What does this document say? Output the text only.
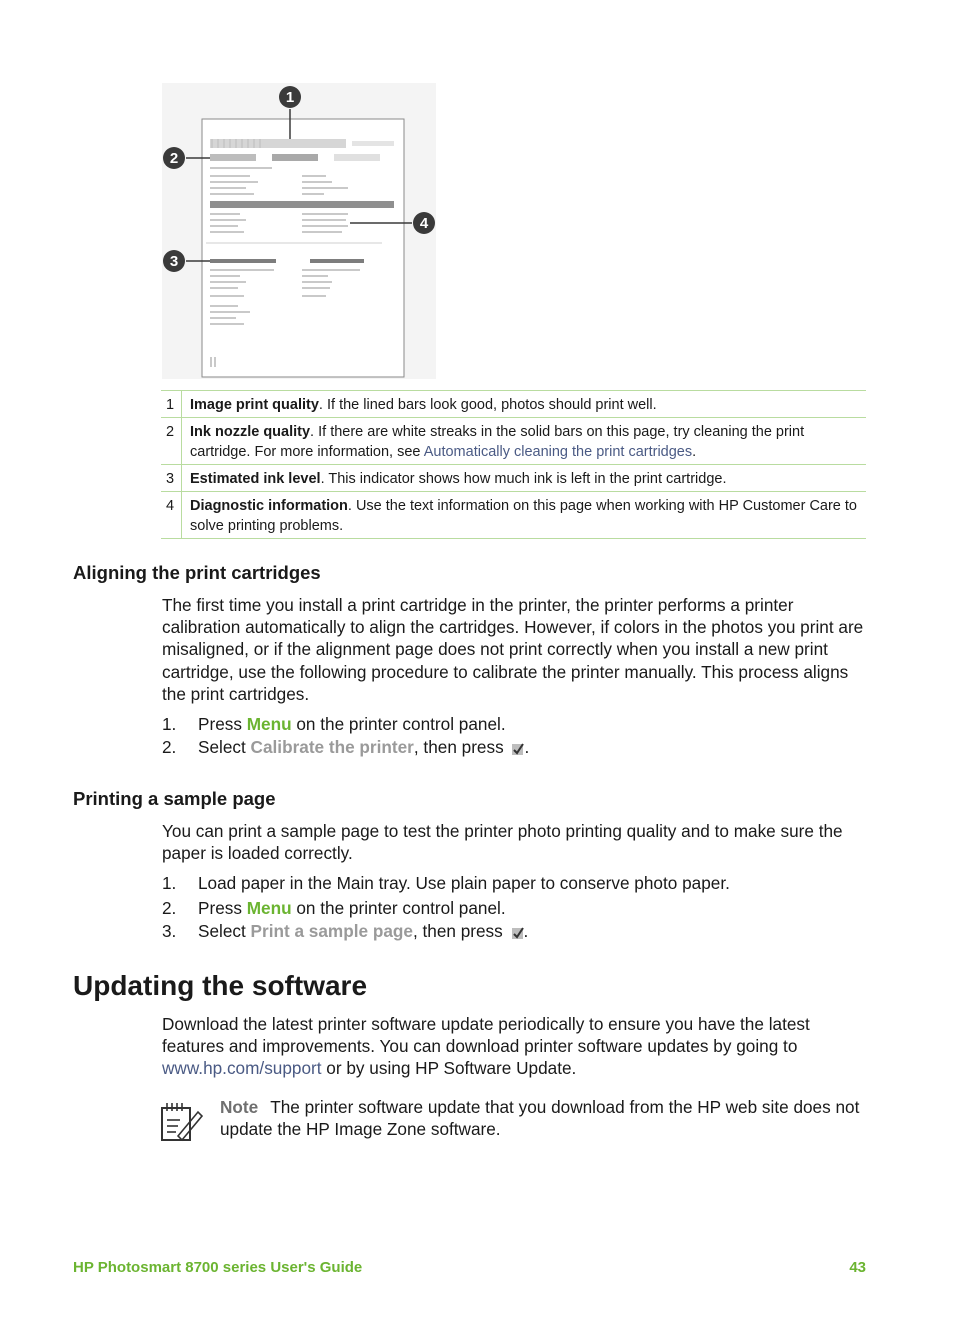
1
2
3
4
1	Image print quality. If the lined bars look good, photos should print well.
2	Ink nozzle quality. If there are white streaks in the solid bars on this page, try cleaning the print cartridge. For more information, see Automatically cleaning the print cartridges.
3	Estimated ink level. This indicator shows how much ink is left in the print cartridge.
4	Diagnostic information. Use the text information on this page when working with HP Customer Care to solve printing problems.
Aligning the print cartridges

The first time you install a print cartridge in the printer, the printer performs a printer calibration automatically to align the cartridges. However, if colors in the photos you print are misaligned, or if the alignment page does not print correctly when you install a new print cartridge, use the following procedure to calibrate the printer manually. This process aligns the print cartridges.

1.	Press Menu on the printer control panel.
2.	Select Calibrate the printer, then press .
Printing a sample page

You can print a sample page to test the printer photo printing quality and to make sure the paper is loaded correctly.

1.	Load paper in the Main tray. Use plain paper to conserve photo paper.
2.	Press Menu on the printer control panel.
3.	Select Print a sample page, then press .
Updating the software

Download the latest printer software update periodically to ensure you have the latest features and improvements. You can download printer software updates by going to www.hp.com/support or by using HP Software Update.

Note The printer software update that you download from the HP web site does not update the HP Image Zone software.

HP Photosmart 8700 series User's Guide	43
